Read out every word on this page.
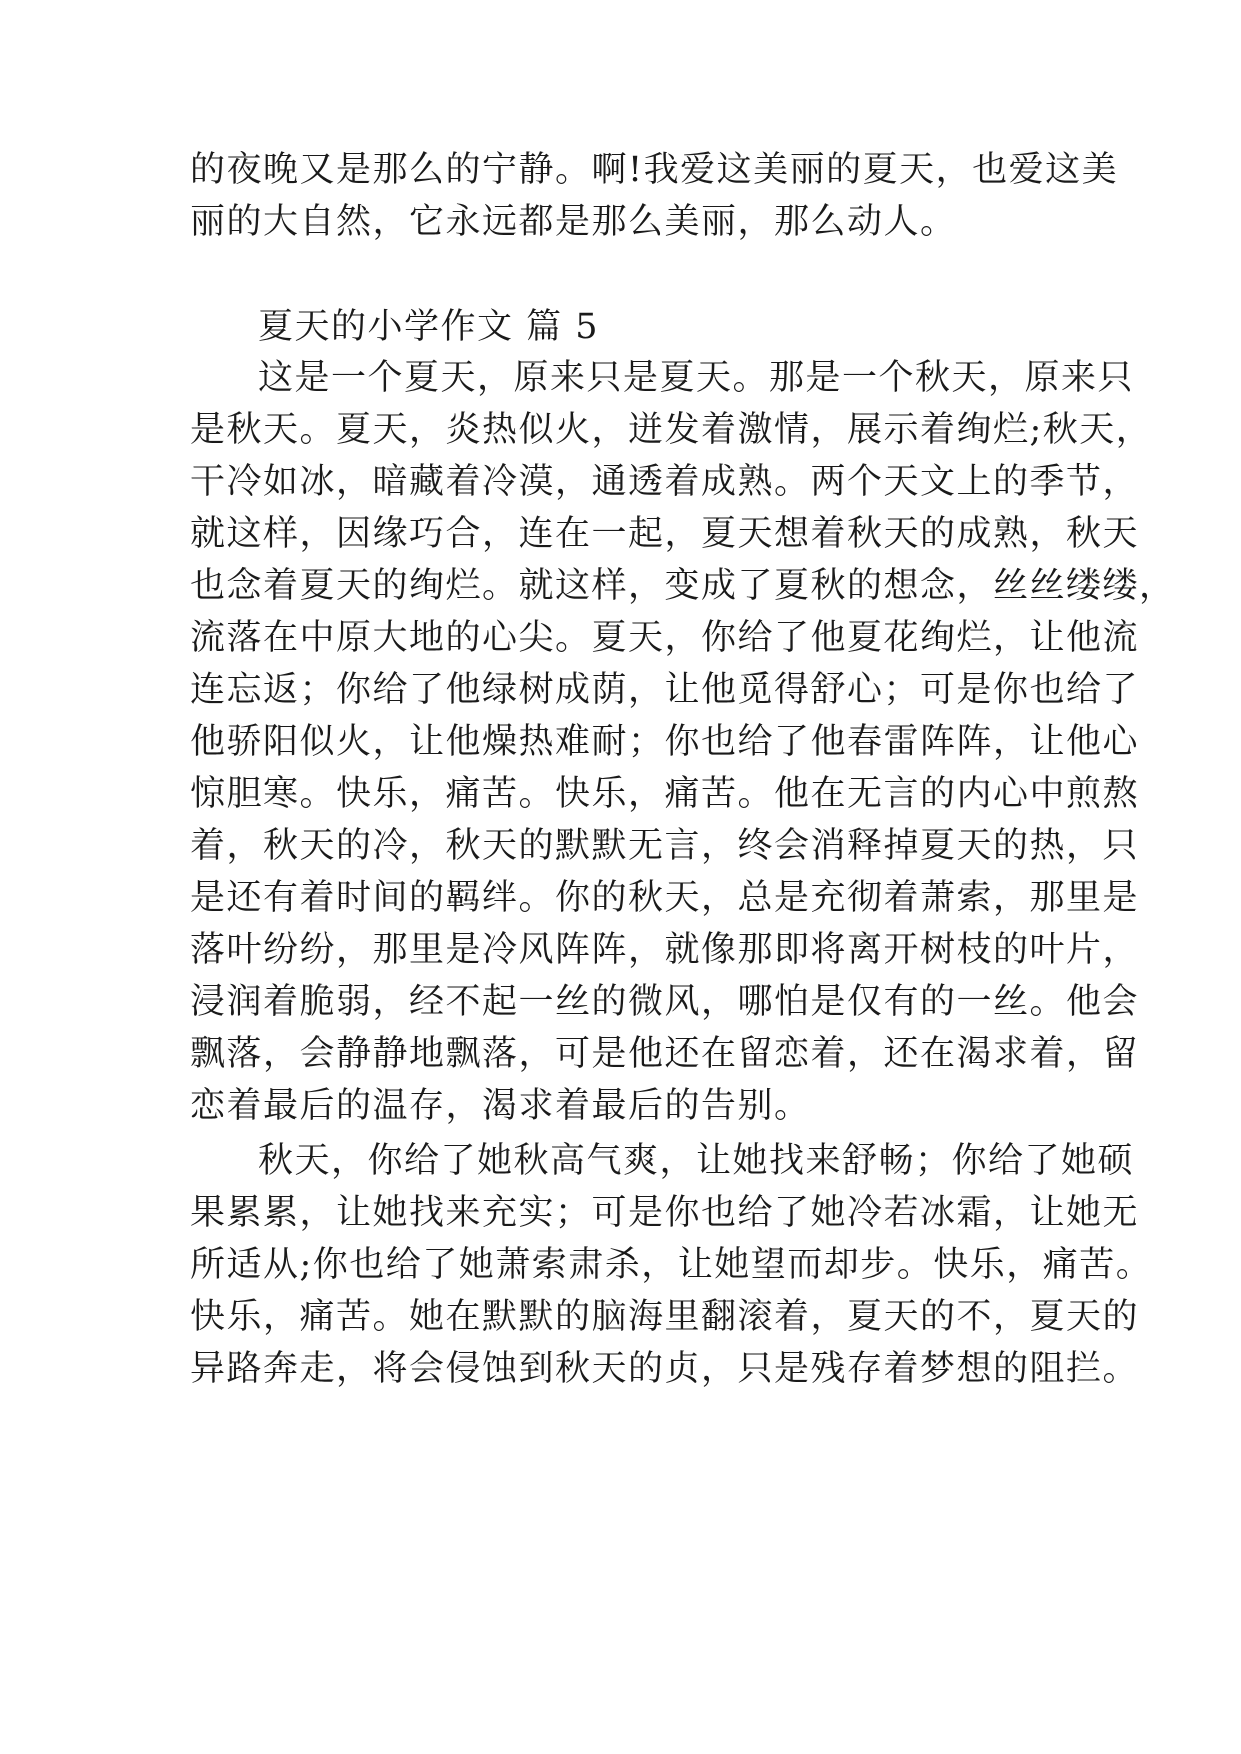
的夜晚又是那么的宁静。啊!我爱这美丽的夏天，也爱这美
丽的大自然，它永远都是那么美丽，那么动人。
夏天的小学作文 篇 5
这是一个夏天，原来只是夏天。那是一个秋天，原来只
是秋天。夏天，炎热似火，迸发着激情，展示着绚烂;秋天，
干冷如冰，暗藏着冷漠，通透着成熟。两个天文上的季节，
就这样，因缘巧合，连在一起，夏天想着秋天的成熟，秋天
也念着夏天的绚烂。就这样，变成了夏秋的想念，丝丝缕缕，
流落在中原大地的心尖。夏天，你给了他夏花绚烂，让他流
连忘返；你给了他绿树成荫，让他觅得舒心；可是你也给了
他骄阳似火，让他燥热难耐；你也给了他春雷阵阵，让他心
惊胆寒。快乐，痛苦。快乐，痛苦。他在无言的内心中煎熬
着，秋天的冷，秋天的默默无言，终会消释掉夏天的热，只
是还有着时间的羁绊。你的秋天，总是充彻着萧索，那里是
落叶纷纷，那里是冷风阵阵，就像那即将离开树枝的叶片，
浸润着脆弱，经不起一丝的微风，哪怕是仅有的一丝。他会
飘落，会静静地飘落，可是他还在留恋着，还在渴求着，留
恋着最后的温存，渴求着最后的告别。
秋天，你给了她秋高气爽，让她找来舒畅；你给了她硕
果累累，让她找来充实；可是你也给了她冷若冰霜，让她无
所适从;你也给了她萧索肃杀，让她望而却步。快乐，痛苦。
快乐，痛苦。她在默默的脑海里翻滚着，夏天的不，夏天的
异路奔走，将会侵蚀到秋天的贞，只是残存着梦想的阻拦。
